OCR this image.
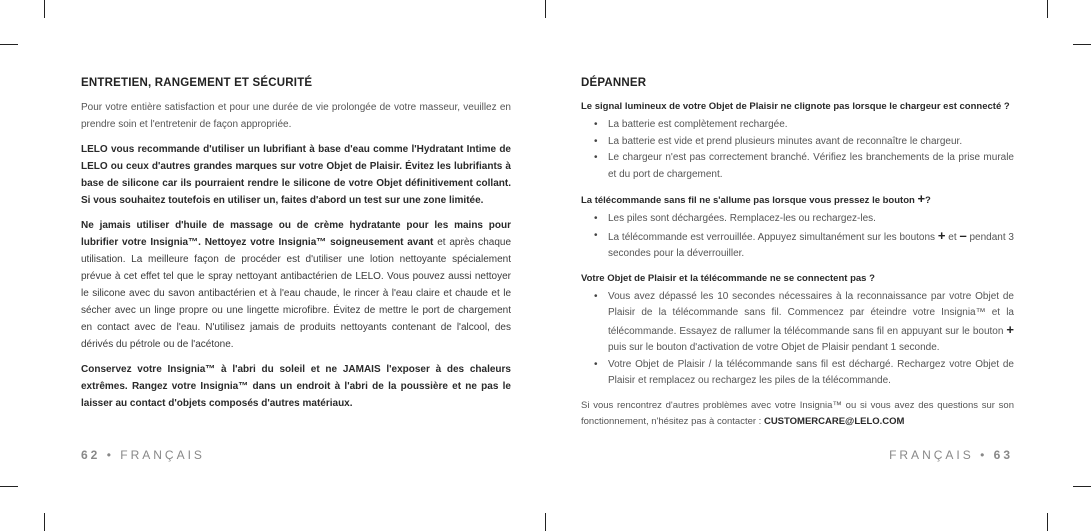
ENTRETIEN, RANGEMENT ET SÉCURITÉ

Pour votre entière satisfaction et pour une durée de vie prolongée de votre masseur, veuillez en prendre soin et l'entretenir de façon appropriée.

LELO vous recommande d'utiliser un lubrifiant à base d'eau comme l'Hydratant Intime de LELO ou ceux d'autres grandes marques sur votre Objet de Plaisir. Évitez les lubrifiants à base de silicone car ils pourraient rendre le silicone de votre Objet définitivement collant. Si vous souhaitez toutefois en utiliser un, faites d'abord un test sur une zone limitée.

Ne jamais utiliser d'huile de massage ou de crème hydratante pour les mains pour lubrifier votre Insignia™. Nettoyez votre Insignia™ soigneusement avant et après chaque utilisation. La meilleure façon de procéder est d'utiliser une lotion nettoyante spécialement prévue à cet effet tel que le spray nettoyant antibactérien de LELO. Vous pouvez aussi nettoyer le silicone avec du savon antibactérien et à l'eau chaude, le rincer à l'eau claire et chaude et le sécher avec un linge propre ou une lingette microfibre. Évitez de mettre le port de chargement en contact avec de l'eau. N'utilisez jamais de produits nettoyants contenant de l'alcool, des dérivés du pétrole ou de l'acétone.

Conservez votre Insignia™ à l'abri du soleil et ne JAMAIS l'exposer à des chaleurs extrêmes. Rangez votre Insignia™ dans un endroit à l'abri de la poussière et ne pas le laisser au contact d'objets composés d'autres matériaux.

DÉPANNER
Le signal lumineux de votre Objet de Plaisir ne clignote pas lorsque le chargeur est connecté ?
• La batterie est complètement rechargée.
• La batterie est vide et prend plusieurs minutes avant de reconnaître le chargeur.
• Le chargeur n'est pas correctement branché. Vérifiez les branchements de la prise murale et du port de chargement.
La télécommande sans fil ne s'allume pas lorsque vous pressez le bouton +?
• Les piles sont déchargées. Remplacez-les ou rechargez-les.
• La télécommande est verrouillée. Appuyez simultanément sur les boutons + et – pendant 3 secondes pour la déverrouiller.
Votre Objet de Plaisir et la télécommande ne se connectent pas ?
• Vous avez dépassé les 10 secondes nécessaires à la reconnaissance par votre Objet de Plaisir de la télécommande sans fil. Commencez par éteindre votre Insignia™ et la télécommande. Essayez de rallumer la télécommande sans fil en appuyant sur le bouton + puis sur le bouton d'activation de votre Objet de Plaisir pendant 1 seconde.
• Votre Objet de Plaisir / la télécommande sans fil est déchargé. Rechargez votre Objet de Plaisir et remplacez ou rechargez les piles de la télécommande.

Si vous rencontrez d'autres problèmes avec votre Insignia™ ou si vous avez des questions sur son fonctionnement, n'hésitez pas à contacter : CUSTOMERCARE@LELO.COM

62 • FRANÇAIS	FRANÇAIS • 63
